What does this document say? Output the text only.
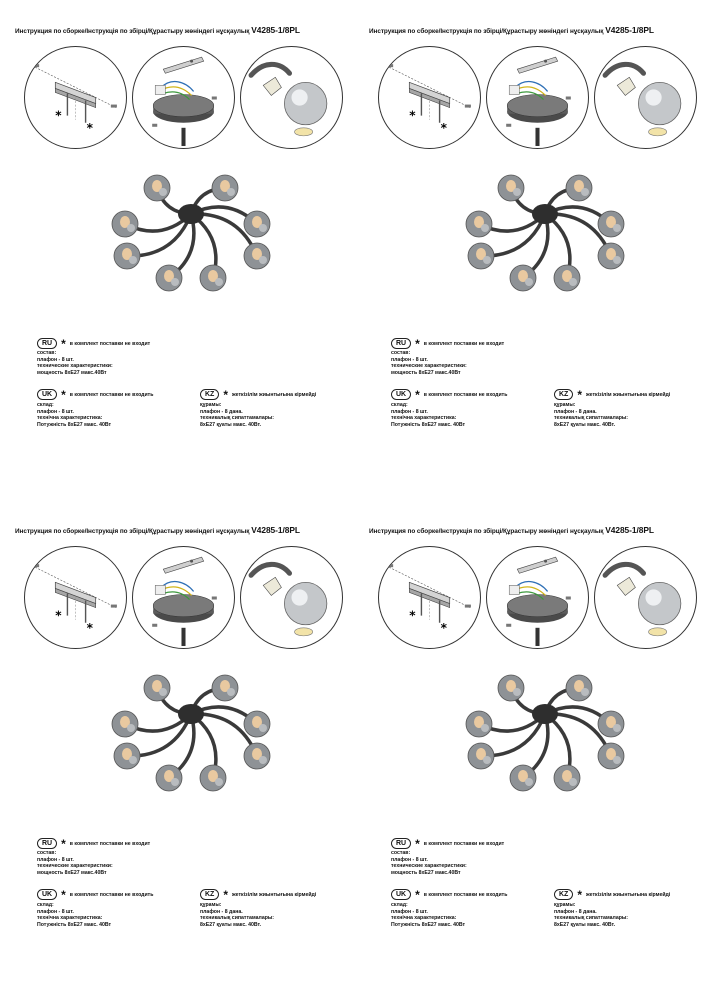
Инструкция по сборке/Інструкція по збірці/Құрастыру жөніндегі нұсқаулық V4285-1/8PL
*
*
RU * в комплект поставки не входит
состав:
плафон - 8 шт.
технические характеристики:
мощность 8хЕ27 макс.40Вт
UK * в комплект поставки не входить
склад:
плафон - 8 шт.
технічна характеристика:
Потужність 8хЕ27 макс. 40Вт
KZ * жеткізілім жиынтығына кірмейді
құрамы:
плафон - 8 дана.
техникалық сипаттамалары:
8хЕ27 қуаты макс. 40Вт.
Инструкция по сборке/Інструкція по збірці/Құрастыру жөніндегі нұсқаулық V4285-1/8PL
*
*
RU * в комплект поставки не входит
состав:
плафон - 8 шт.
технические характеристики:
мощность 8хЕ27 макс.40Вт
UK * в комплект поставки не входить
склад:
плафон - 8 шт.
технічна характеристика:
Потужність 8хЕ27 макс. 40Вт
KZ * жеткізілім жиынтығына кірмейді
құрамы:
плафон - 8 дана.
техникалық сипаттамалары:
8хЕ27 қуаты макс. 40Вт.
Инструкция по сборке/Інструкція по збірці/Құрастыру жөніндегі нұсқаулық V4285-1/8PL
*
*
RU * в комплект поставки не входит
состав:
плафон - 8 шт.
технические характеристики:
мощность 8хЕ27 макс.40Вт
UK * в комплект поставки не входить
склад:
плафон - 8 шт.
технічна характеристика:
Потужність 8хЕ27 макс. 40Вт
KZ * жеткізілім жиынтығына кірмейді
құрамы:
плафон - 8 дана.
техникалық сипаттамалары:
8хЕ27 қуаты макс. 40Вт.
Инструкция по сборке/Інструкція по збірці/Құрастыру жөніндегі нұсқаулық V4285-1/8PL
*
*
RU * в комплект поставки не входит
состав:
плафон - 8 шт.
технические характеристики:
мощность 8хЕ27 макс.40Вт
UK * в комплект поставки не входить
склад:
плафон - 8 шт.
технічна характеристика:
Потужність 8хЕ27 макс. 40Вт
KZ * жеткізілім жиынтығына кірмейді
құрамы:
плафон - 8 дана.
техникалық сипаттамалары:
8хЕ27 қуаты макс. 40Вт.
